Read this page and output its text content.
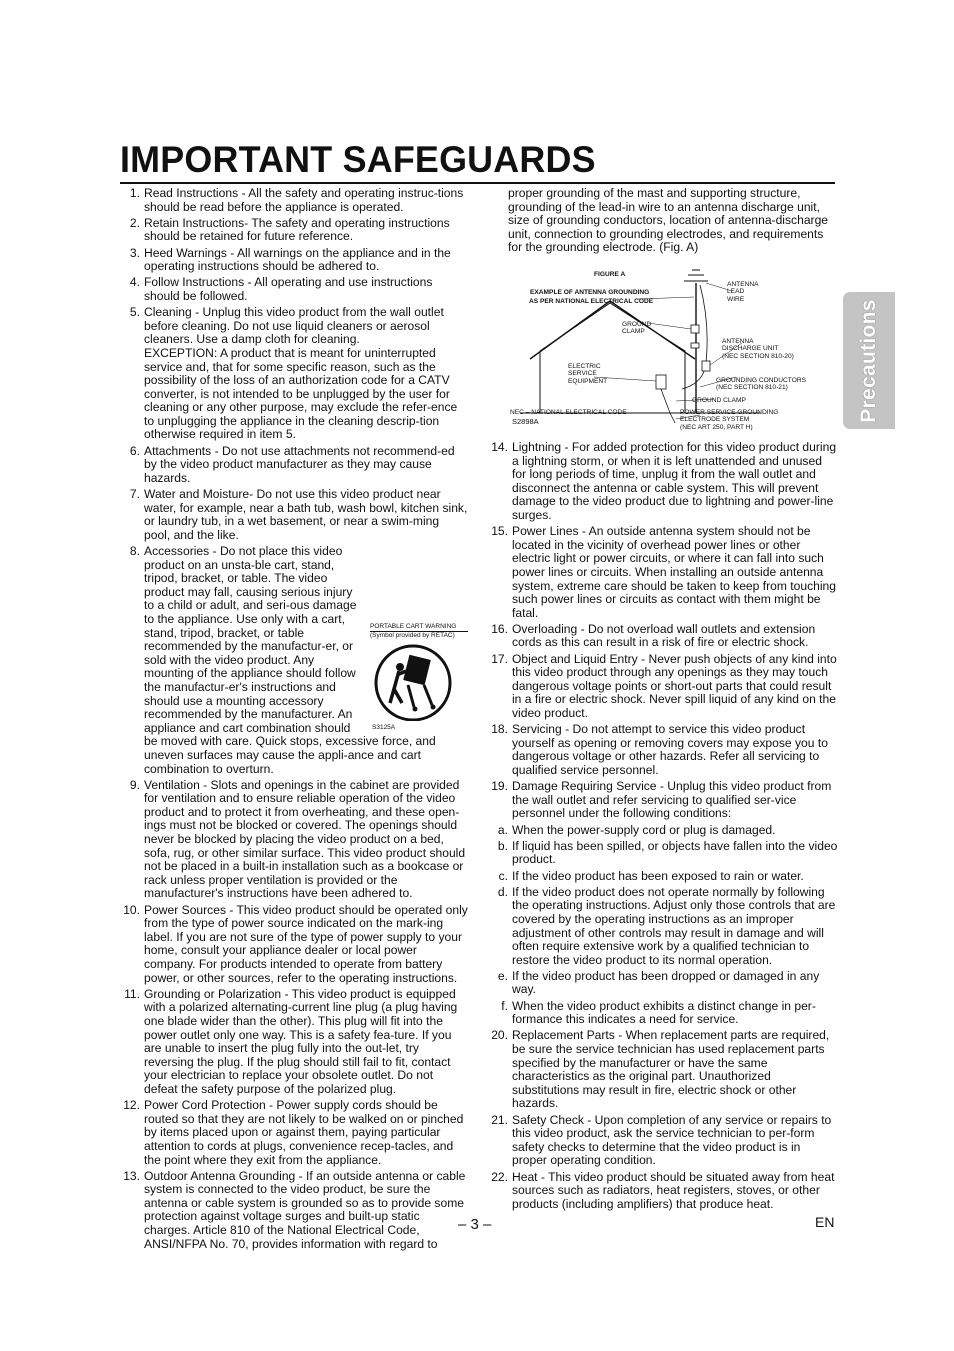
IMPORTANT SAFEGUARDS
Precautions
1. Read Instructions - All the safety and operating instruc-tions should be read before the appliance is operated.
2. Retain Instructions- The safety and operating instructions should be retained for future reference.
3. Heed Warnings - All warnings on the appliance and in the operating instructions should be adhered to.
4. Follow Instructions - All operating and use instructions should be followed.
5. Cleaning - Unplug this video product from the wall outlet before cleaning. Do not use liquid cleaners or aerosol cleaners. Use a damp cloth for cleaning.
EXCEPTION: A product that is meant for uninterrupted service and, that for some specific reason, such as the possibility of the loss of an authorization code for a CATV converter, is not intended to be unplugged by the user for cleaning or any other purpose, may exclude the refer-ence to unplugging the appliance in the cleaning descrip-tion otherwise required in item 5.
6. Attachments - Do not use attachments not recommend-ed by the video product manufacturer as they may cause hazards.
7. Water and Moisture- Do not use this video product near water, for example, near a bath tub, wash bowl, kitchen sink, or laundry tub, in a wet basement, or near a swim-ming pool, and the like.
8.
PORTABLE CART WARNING
(Symbol provided by RETAC)
S3125A
Accessories - Do not place this video product on an unsta-ble cart, stand, tripod, bracket, or table. The video product may fall, causing serious injury to a child or adult, and seri-ous damage to the appliance. Use only with a cart, stand, tripod, bracket, or table recommended by the manufactur-er, or sold with the video product. Any mounting of the appliance should follow the manufactur-er's instructions and should use a mounting accessory recommended by the manufacturer. An appliance and cart combination should be moved with care. Quick stops, excessive force, and uneven surfaces may cause the appli-ance and cart combination to overturn.
9. Ventilation - Slots and openings in the cabinet are provided for ventilation and to ensure reliable operation of the video product and to protect it from overheating, and these open-ings must not be blocked or covered. The openings should never be blocked by placing the video product on a bed, sofa, rug, or other similar surface. This video product should not be placed in a built-in installation such as a bookcase or rack unless proper ventilation is provided or the manufacturer's instructions have been adhered to.
10. Power Sources - This video product should be operated only from the type of power source indicated on the mark-ing label. If you are not sure of the type of power supply to your home, consult your appliance dealer or local power company. For products intended to operate from battery power, or other sources, refer to the operating instructions.
11. Grounding or Polarization - This video product is equipped with a polarized alternating-current line plug (a plug having one blade wider than the other). This plug will fit into the power outlet only one way. This is a safety fea-ture. If you are unable to insert the plug fully into the out-let, try reversing the plug. If the plug should still fail to fit, contact your electrician to replace your obsolete outlet. Do not defeat the safety purpose of the polarized plug.
12. Power Cord Protection - Power supply cords should be routed so that they are not likely to be walked on or pinched by items placed upon or against them, paying particular attention to cords at plugs, convenience recep-tacles, and the point where they exit from the appliance.
13. Outdoor Antenna Grounding - If an outside antenna or cable system is connected to the video product, be sure the antenna or cable system is grounded so as to provide some protection against voltage surges and built-up static charges. Article 810 of the National Electrical Code, ANSI/NFPA No. 70, provides information with regard to
proper grounding of the mast and supporting structure, grounding of the lead-in wire to an antenna discharge unit, size of grounding conductors, location of antenna-discharge unit, connection to grounding electrodes, and requirements for the grounding electrode. (Fig. A)
FIGURE A
EXAMPLE OF ANTENNA GROUNDING
AS PER NATIONAL ELECTRICAL CODE
ANTENNA
LEAD
WIRE
GROUND
CLAMP
ANTENNA
DISCHARGE UNIT
(NEC SECTION 810-20)
ELECTRIC
SERVICE
EQUIPMENT	GROUNDING CONDUCTORS
(NEC SECTION 810-21)
GROUND CLAMP
NEC – NATIONAL ELECTRICAL CODE	POWER SERVICE GROUNDING
ELECTRODE SYSTEM
(NEC ART 250, PART H)
S2898A
14. Lightning - For added protection for this video product during a lightning storm, or when it is left unattended and unused for long periods of time, unplug it from the wall outlet and disconnect the antenna or cable system. This will prevent damage to the video product due to lightning and power-line surges.
15. Power Lines - An outside antenna system should not be located in the vicinity of overhead power lines or other electric light or power circuits, or where it can fall into such power lines or circuits. When installing an outside antenna system, extreme care should be taken to keep from touching such power lines or circuits as contact with them might be fatal.
16. Overloading - Do not overload wall outlets and extension cords as this can result in a risk of fire or electric shock.
17. Object and Liquid Entry - Never push objects of any kind into this video product through any openings as they may touch dangerous voltage points or short-out parts that could result in a fire or electric shock. Never spill liquid of any kind on the video product.
18. Servicing - Do not attempt to service this video product yourself as opening or removing covers may expose you to dangerous voltage or other hazards. Refer all servicing to qualified service personnel.
19. Damage Requiring Service - Unplug this video product from the wall outlet and refer servicing to qualified ser-vice personnel under the following conditions:
a. When the power-supply cord or plug is damaged.
b. If liquid has been spilled, or objects have fallen into the video product.
c. If the video product has been exposed to rain or water.
d. If the video product does not operate normally by following the operating instructions. Adjust only those controls that are covered by the operating instructions as an improper adjustment of other controls may result in damage and will often require extensive work by a qualified technician to restore the video product to its normal operation.
e. If the video product has been dropped or damaged in any way.
f. When the video product exhibits a distinct change in per-formance this indicates a need for service.
20. Replacement Parts - When replacement parts are required, be sure the service technician has used replacement parts specified by the manufacturer or have the same characteristics as the original part. Unauthorized substitutions may result in fire, electric shock or other hazards.
21. Safety Check - Upon completion of any service or repairs to this video product, ask the service technician to per-form safety checks to determine that the video product is in proper operating condition.
22. Heat - This video product should be situated away from heat sources such as radiators, heat registers, stoves, or other products (including amplifiers) that produce heat.
– 3 –	EN
